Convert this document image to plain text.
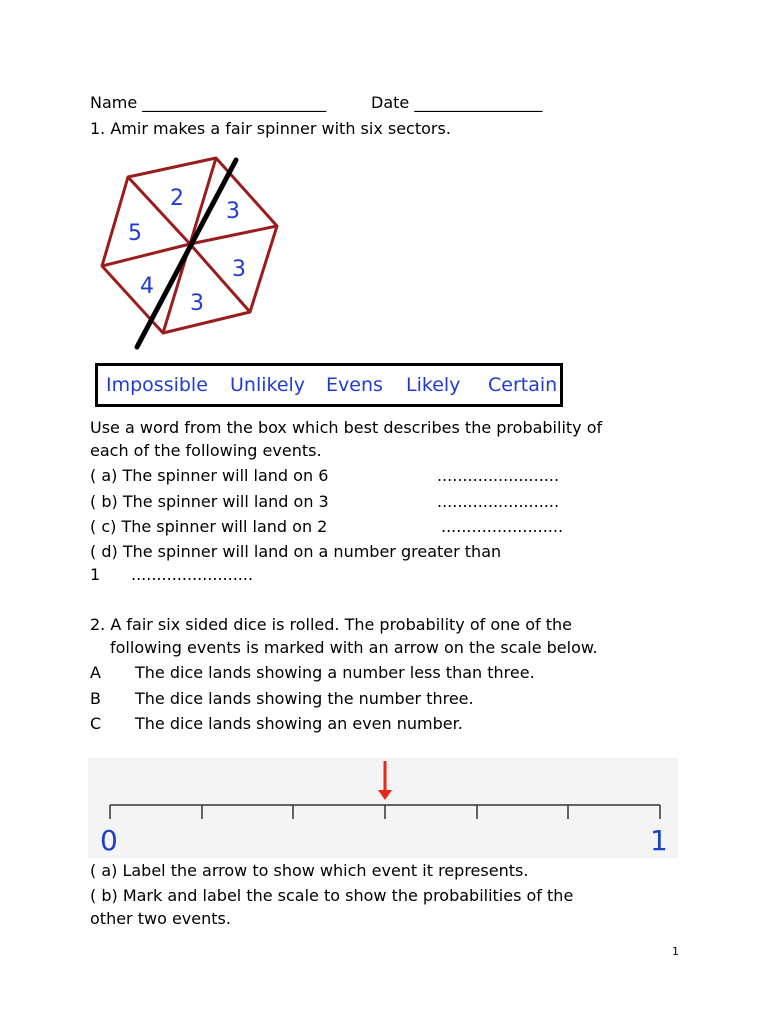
Name _______________________	Date ________________
1. Amir makes a fair spinner with six sectors.
2
3
5
3
4
3
Impossible Unlikely Evens Likely Certain
Use a word from the box which best describes the probability of
each of the following events.
( a) The spinner will land on 6	........................
( b) The spinner will land on 3	........................
( c) The spinner will land on 2	........................
( d) The spinner will land on a number greater than
1 ........................
2. A fair six sided dice is rolled. The probability of one of the
following events is marked with an arrow on the scale below.
A The dice lands showing a number less than three.
B The dice lands showing the number three.
C The dice lands showing an even number.
0	1
( a) Label the arrow to show which event it represents.
( b) Mark and label the scale to show the probabilities of the
other two events.
1
